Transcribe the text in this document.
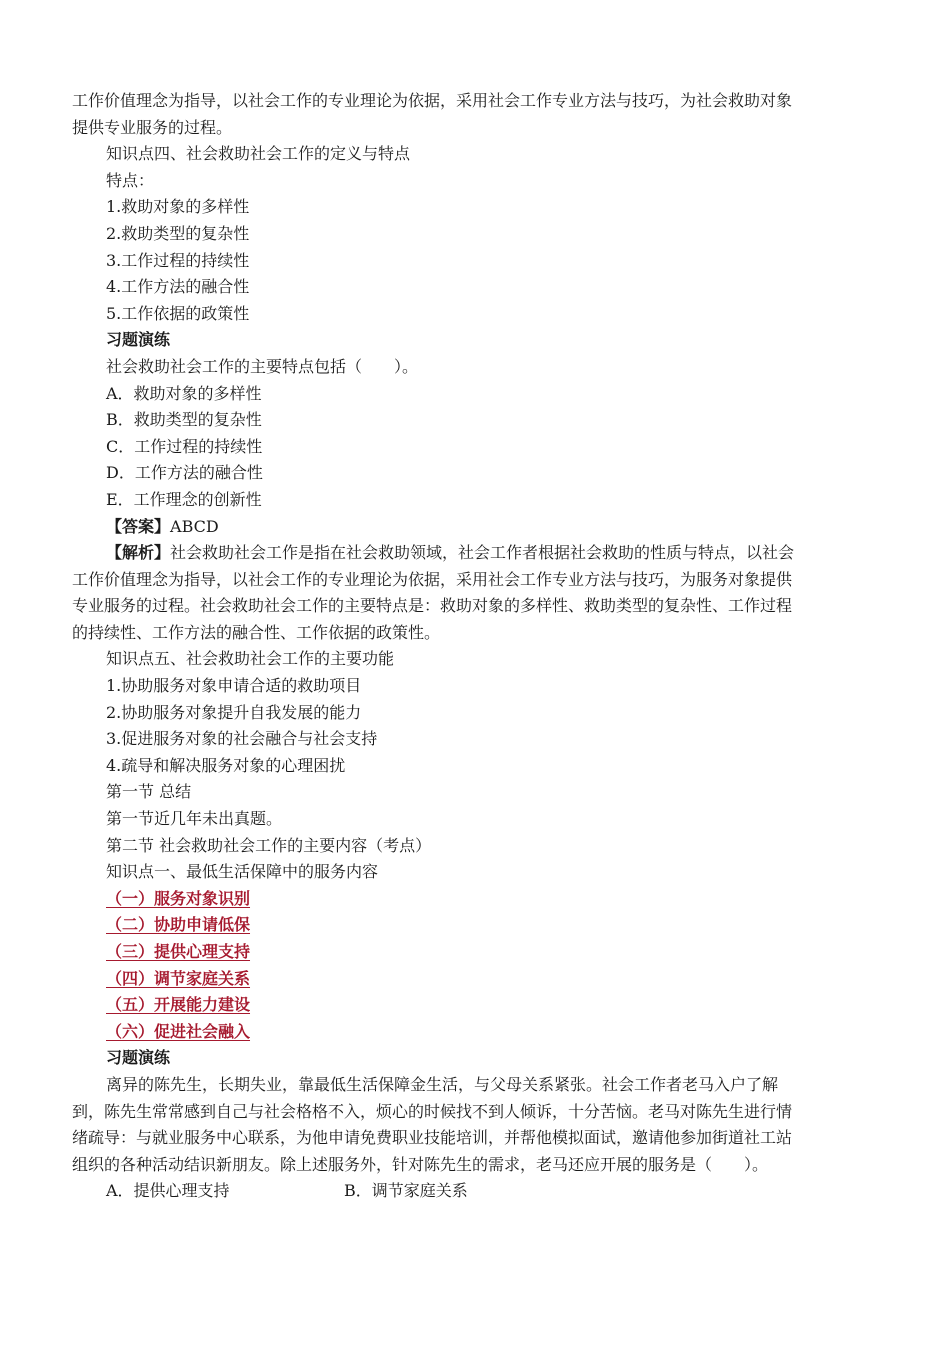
工作价值理念为指导，以社会工作的专业理论为依据，采用社会工作专业方法与技巧，为社会救助对象
提供专业服务的过程。
知识点四、社会救助社会工作的定义与特点
特点：
1.救助对象的多样性
2.救助类型的复杂性
3.工作过程的持续性
4.工作方法的融合性
5.工作依据的政策性
习题演练
社会救助社会工作的主要特点包括（　　）。
A．救助对象的多样性
B．救助类型的复杂性
C．工作过程的持续性
D．工作方法的融合性
E．工作理念的创新性
【答案】ABCD
【解析】社会救助社会工作是指在社会救助领域，社会工作者根据社会救助的性质与特点，以社会
工作价值理念为指导，以社会工作的专业理论为依据，采用社会工作专业方法与技巧，为服务对象提供
专业服务的过程。社会救助社会工作的主要特点是：救助对象的多样性、救助类型的复杂性、工作过程
的持续性、工作方法的融合性、工作依据的政策性。
知识点五、社会救助社会工作的主要功能
1.协助服务对象申请合适的救助项目
2.协助服务对象提升自我发展的能力
3.促进服务对象的社会融合与社会支持
4.疏导和解决服务对象的心理困扰
第一节 总结
第一节近几年未出真题。
第二节 社会救助社会工作的主要内容（考点）
知识点一、最低生活保障中的服务内容
（一）服务对象识别
（二）协助申请低保
（三）提供心理支持
（四）调节家庭关系
（五）开展能力建设
（六）促进社会融入
习题演练
离异的陈先生，长期失业，靠最低生活保障金生活，与父母关系紧张。社会工作者老马入户了解
到，陈先生常常感到自己与社会格格不入，烦心的时候找不到人倾诉，十分苦恼。老马对陈先生进行情
绪疏导：与就业服务中心联系，为他申请免费职业技能培训，并帮他模拟面试，邀请他参加街道社工站
组织的各种活动结识新朋友。除上述服务外，针对陈先生的需求，老马还应开展的服务是（　　）。
A．提供心理支持	B．调节家庭关系
